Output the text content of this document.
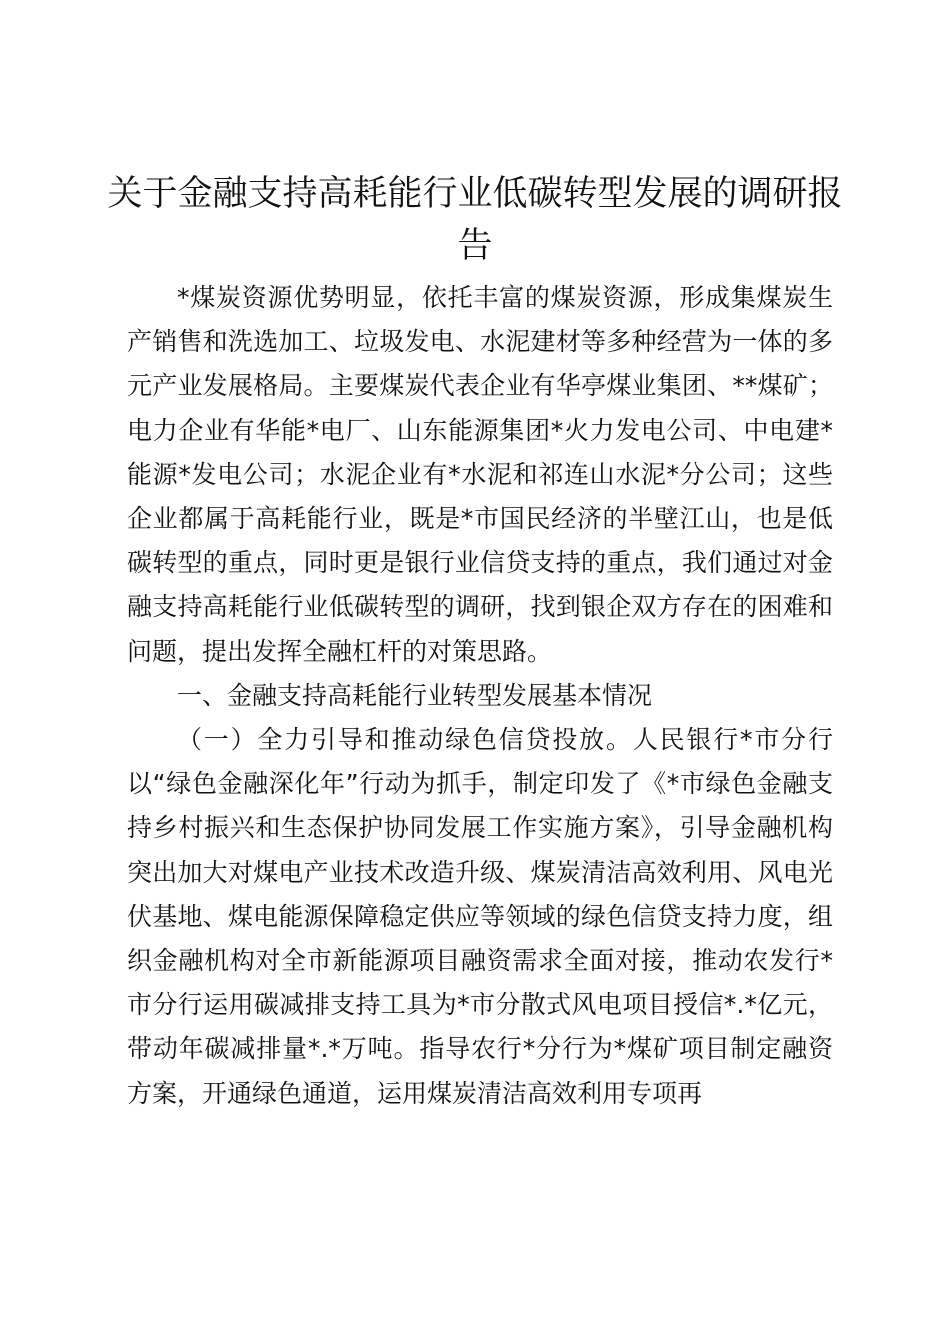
关于金融支持高耗能行业低碳转型发展的调研报告

*煤炭资源优势明显，依托丰富的煤炭资源，形成集煤炭生产销售和洗选加工、垃圾发电、水泥建材等多种经营为一体的多元产业发展格局。主要煤炭代表企业有华亭煤业集团、**煤矿；电力企业有华能*电厂、山东能源集团*火力发电公司、中电建*能源*发电公司；水泥企业有*水泥和祁连山水泥*分公司；这些企业都属于高耗能行业，既是*市国民经济的半壁江山，也是低碳转型的重点，同时更是银行业信贷支持的重点，我们通过对金融支持高耗能行业低碳转型的调研，找到银企双方存在的困难和问题，提出发挥全融杠杆的对策思路。

一、金融支持高耗能行业转型发展基本情况

（一）全力引导和推动绿色信贷投放。人民银行*市分行以“绿色金融深化年”行动为抓手，制定印发了《*市绿色金融支持乡村振兴和生态保护协同发展工作实施方案》，引导金融机构突出加大对煤电产业技术改造升级、煤炭清洁高效利用、风电光伏基地、煤电能源保障稳定供应等领域的绿色信贷支持力度，组织金融机构对全市新能源项目融资需求全面对接，推动农发行*市分行运用碳减排支持工具为*市分散式风电项目授信*.*亿元，带动年碳减排量*.*万吨。指导农行*分行为*煤矿项目制定融资方案，开通绿色通道，运用煤炭清洁高效利用专项再
